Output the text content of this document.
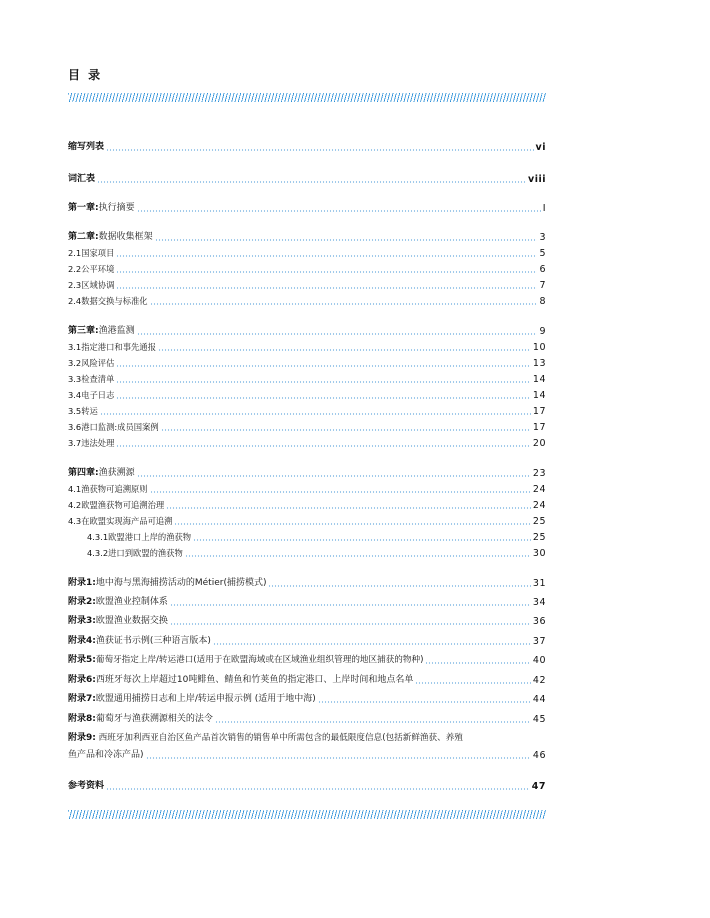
目 录
缩写列表	vi
词汇表	viii
第一章: 执行摘要	I
第二章: 数据收集框架	3
2.1 国家项目	5
2.2 公平环境	6
2.3 区域协调	7
2.4 数据交换与标准化	8
第三章: 渔港监测	9
3.1 指定港口和事先通报	10
3.2 风险评估	13
3.3 检查清单	14
3.4 电子日志	14
3.5 转运	17
3.6 港口监测:成员国案例	17
3.7 违法处理	20
第四章: 渔获溯源	23
4.1 渔获物可追溯原则	24
4.2 欧盟渔获物可追溯治理	24
4.3 在欧盟实现海产品可追溯	25
4.3.1 欧盟港口上岸的渔获物	25
4.3.2 进口到欧盟的渔获物	30
附录1: 地中海与黑海捕捞活动的Métier(捕捞模式)	31
附录2: 欧盟渔业控制体系	34
附录3: 欧盟渔业数据交换	36
附录4: 渔获证书示例(三种语言版本)	37
附录5: 葡萄牙指定上岸/转运港口(适用于在欧盟海域或在区域渔业组织管理的地区捕获的物种)	40
附录6: 西班牙每次上岸超过10吨鲱鱼、鲭鱼和竹荚鱼的指定港口、上岸时间和地点名单	42
附录7: 欧盟通用捕捞日志和上岸/转运申报示例 (适用于地中海)	44
附录8: 葡萄牙与渔获溯源相关的法令	45
附录9: 西班牙加利西亚自治区鱼产品首次销售的销售单中所需包含的最低限度信息(包括新鲜渔获、养殖
鱼产品和冷冻产品)	46
参考资料	47
